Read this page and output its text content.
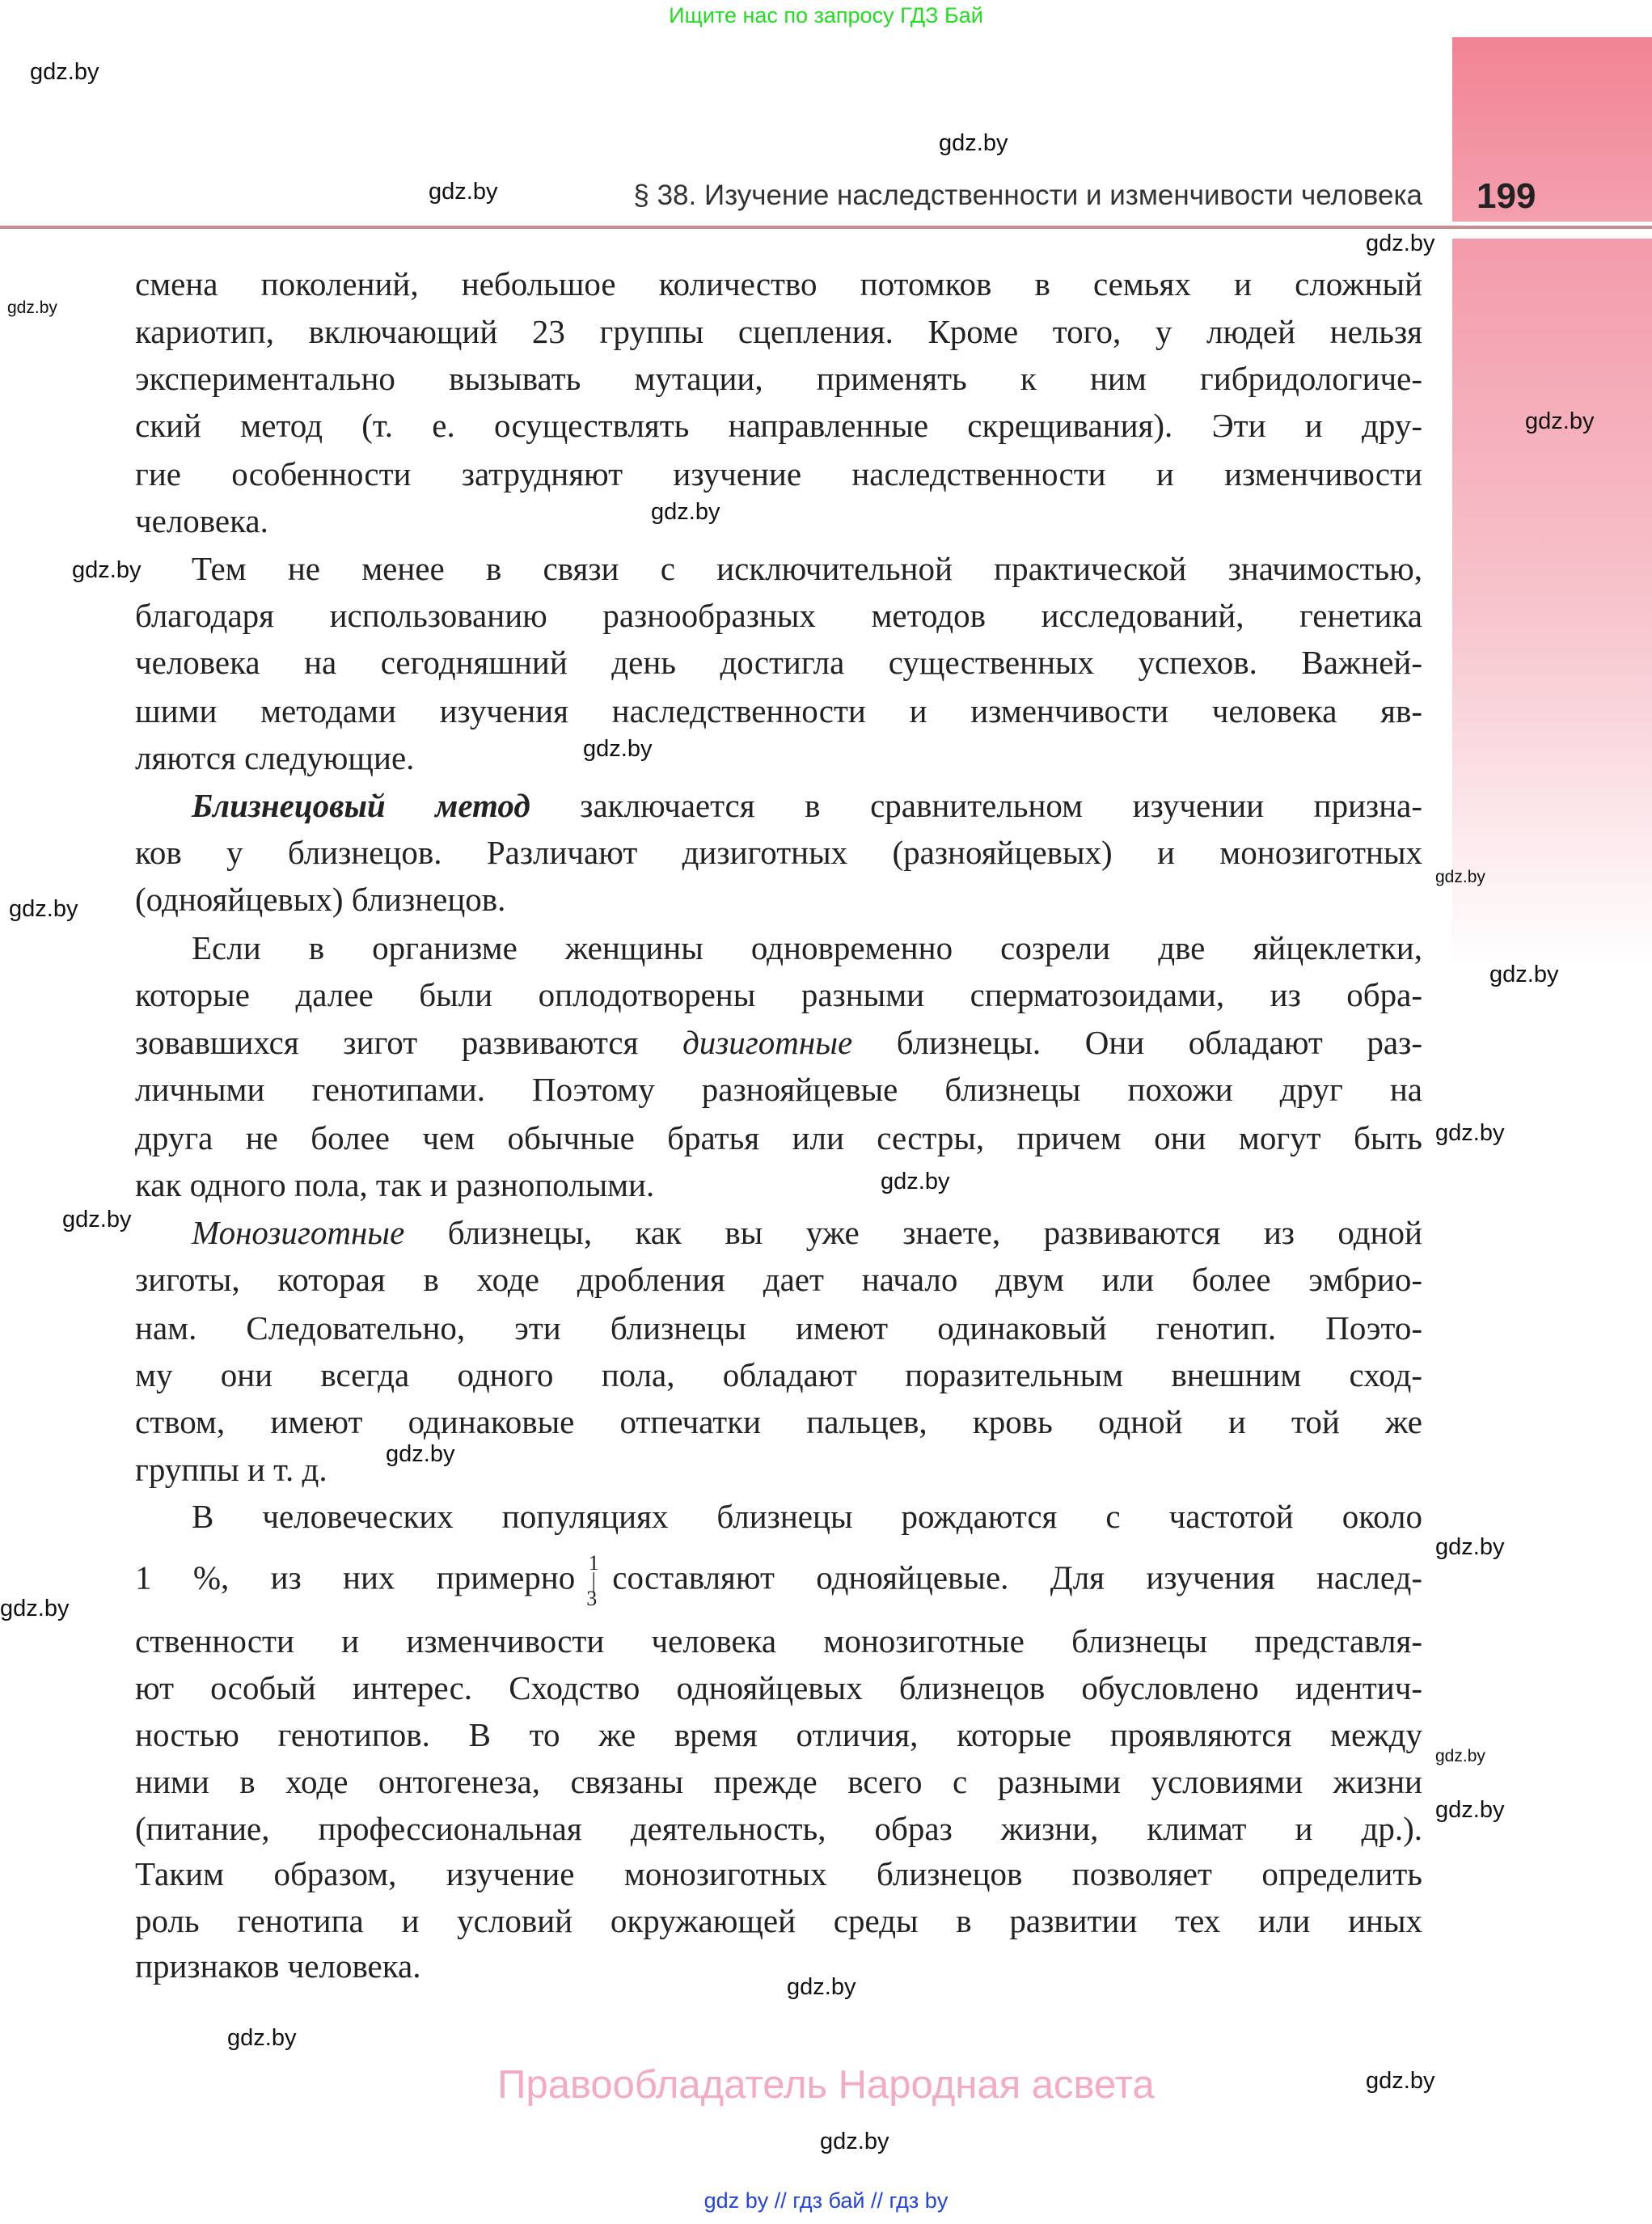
Ищите нас по запросу ГДЗ Бай
§ 38. Изучение наследственности и изменчивости человека 199
смена поколений, небольшое количество потомков в семьях и сложный
кариотип, включающий 23 группы сцепления. Кроме того, у людей нельзя
экспериментально вызывать мутации, применять к ним гибридологиче-
ский метод (т. е. осуществлять направленные скрещивания). Эти и дру-
гие особенности затрудняют изучение наследственности и изменчивости
человека.
Тем не менее в связи с исключительной практической значимостью,
благодаря использованию разнообразных методов исследований, генетика
человека на сегодняшний день достигла существенных успехов. Важней-
шими методами изучения наследственности и изменчивости человека яв-
ляются следующие.
Близнецовый метод заключается в сравнительном изучении призна-
ков у близнецов. Различают дизиготных (разнояйцевых) и монозиготных
(однояйцевых) близнецов.
Если в организме женщины одновременно созрели две яйцеклетки,
которые далее были оплодотворены разными сперматозоидами, из обра-
зовавшихся зигот развиваются дизиготные близнецы. Они обладают раз-
личными генотипами. Поэтому разнояйцевые близнецы похожи друг на
друга не более чем обычные братья или сестры, причем они могут быть
как одного пола, так и разнополыми.
Монозиготные близнецы, как вы уже знаете, развиваются из одной
зиготы, которая в ходе дробления дает начало двум или более эмбрио-
нам. Следовательно, эти близнецы имеют одинаковый генотип. Поэто-
му они всегда одного пола, обладают поразительным внешним сход-
ством, имеют одинаковые отпечатки пальцев, кровь одной и той же
группы и т. д.
В человеческих популяциях близнецы рождаются с частотой около
1 %, из них примерно 1|3составляют однояйцевые. Для изучения наслед-
ственности и изменчивости человека монозиготные близнецы представля-
ют особый интерес. Сходство однояйцевых близнецов обусловлено идентич-
ностью генотипов. В то же время отличия, которые проявляются между
ними в ходе онтогенеза, связаны прежде всего с разными условиями жизни
(питание, профессиональная деятельность, образ жизни, климат и др.).
Таким образом, изучение монозиготных близнецов позволяет определить
роль генотипа и условий окружающей среды в развитии тех или иных
признаков человека.
gdz.by
gdz.by
gdz.by
gdz.by
gdz.by
gdz.by
gdz.by
gdz.by
gdz.by
gdz.by
gdz.by
gdz.by
gdz.by
gdz.by
gdz.by
gdz.by
gdz.by
gdz.by
gdz.by
gdz.by
gdz.by
gdz.by
gdz.by
gdz.by
Правообладатель Народная асвета
gdz by // гдз бай // гдз by
